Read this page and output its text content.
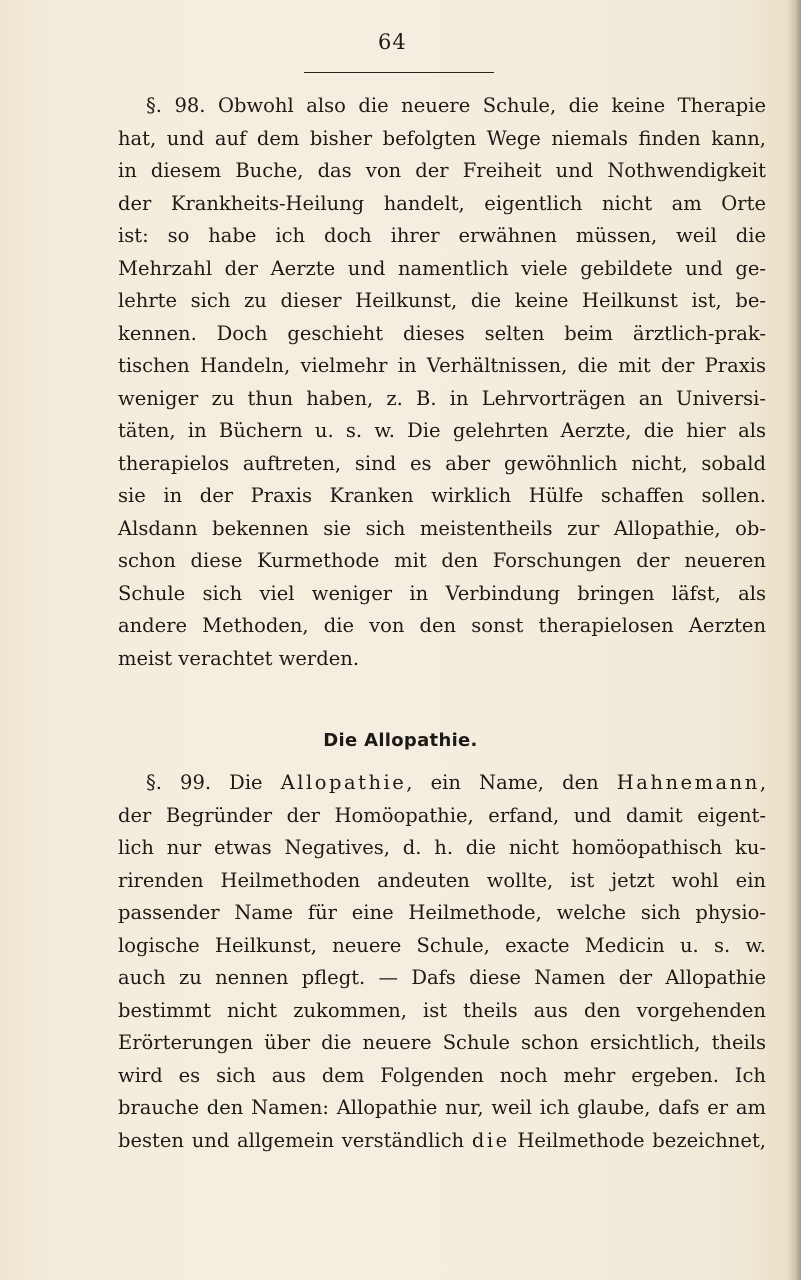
64
§. 98. Obwohl also die neuere Schule, die keine Therapie
hat, und auf dem bisher befolgten Wege niemals finden kann,
in diesem Buche, das von der Freiheit und Nothwendigkeit
der Krankheits-Heilung handelt, eigentlich nicht am Orte
ist: so habe ich doch ihrer erwähnen müssen, weil die
Mehrzahl der Aerzte und namentlich viele gebildete und ge-
lehrte sich zu dieser Heilkunst, die keine Heilkunst ist, be-
kennen. Doch geschieht dieses selten beim ärztlich-prak-
tischen Handeln, vielmehr in Verhältnissen, die mit der Praxis
weniger zu thun haben, z. B. in Lehrvorträgen an Universi-
täten, in Büchern u. s. w. Die gelehrten Aerzte, die hier als
therapielos auftreten, sind es aber gewöhnlich nicht, sobald
sie in der Praxis Kranken wirklich Hülfe schaffen sollen.
Alsdann bekennen sie sich meistentheils zur Allopathie, ob-
schon diese Kurmethode mit den Forschungen der neueren
Schule sich viel weniger in Verbindung bringen läfst, als
andere Methoden, die von den sonst therapielosen Aerzten
meist verachtet werden.
Die Allopathie.
§. 99. Die Allopathie, ein Name, den Hahnemann,
der Begründer der Homöopathie, erfand, und damit eigent-
lich nur etwas Negatives, d. h. die nicht homöopathisch ku-
rirenden Heilmethoden andeuten wollte, ist jetzt wohl ein
passender Name für eine Heilmethode, welche sich physio-
logische Heilkunst, neuere Schule, exacte Medicin u. s. w.
auch zu nennen pflegt. — Dafs diese Namen der Allopathie
bestimmt nicht zukommen, ist theils aus den vorgehenden
Erörterungen über die neuere Schule schon ersichtlich, theils
wird es sich aus dem Folgenden noch mehr ergeben. Ich
brauche den Namen: Allopathie nur, weil ich glaube, dafs er am
besten und allgemein verständlich die Heilmethode bezeichnet,
